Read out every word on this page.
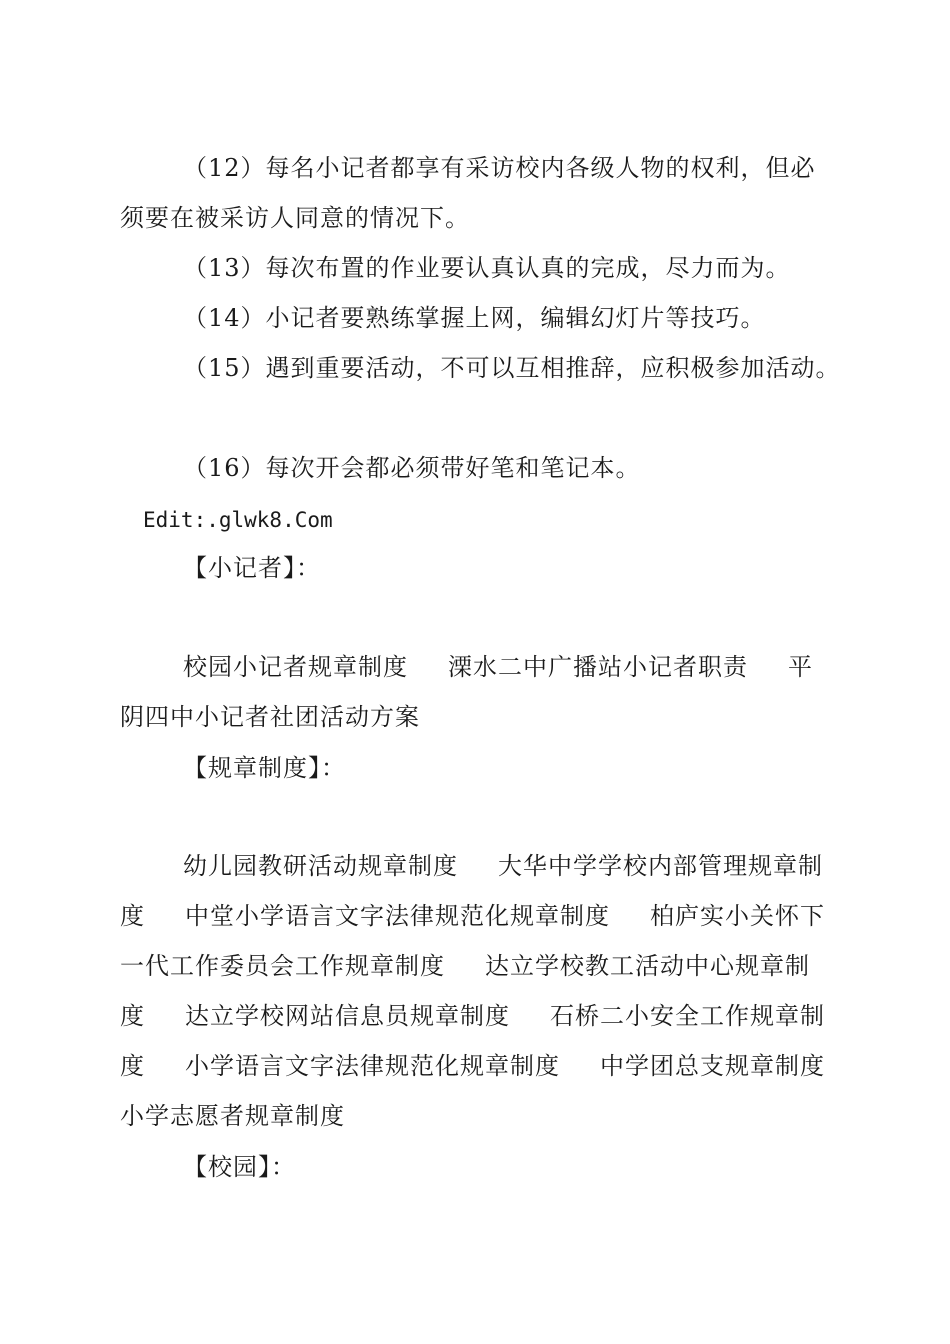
（12）每名小记者都享有采访校内各级人物的权利，但必
须要在被采访人同意的情况下。
（13）每次布置的作业要认真认真的完成，尽力而为。
（14）小记者要熟练掌握上网，编辑幻灯片等技巧。
（15）遇到重要活动，不可以互相推辞，应积极参加活动。
（16）每次开会都必须带好笔和笔记本。
Edit:.glwk8.Com
【小记者】：
校园小记者规章制度 溧水二中广播站小记者职责 平
阴四中小记者社团活动方案
【规章制度】：
幼儿园教研活动规章制度 大华中学学校内部管理规章制
度 中堂小学语言文字法律规范化规章制度 柏庐实小关怀下
一代工作委员会工作规章制度 达立学校教工活动中心规章制
度 达立学校网站信息员规章制度 石桥二小安全工作规章制
度 小学语言文字法律规范化规章制度 中学团总支规章制度
小学志愿者规章制度
【校园】：
